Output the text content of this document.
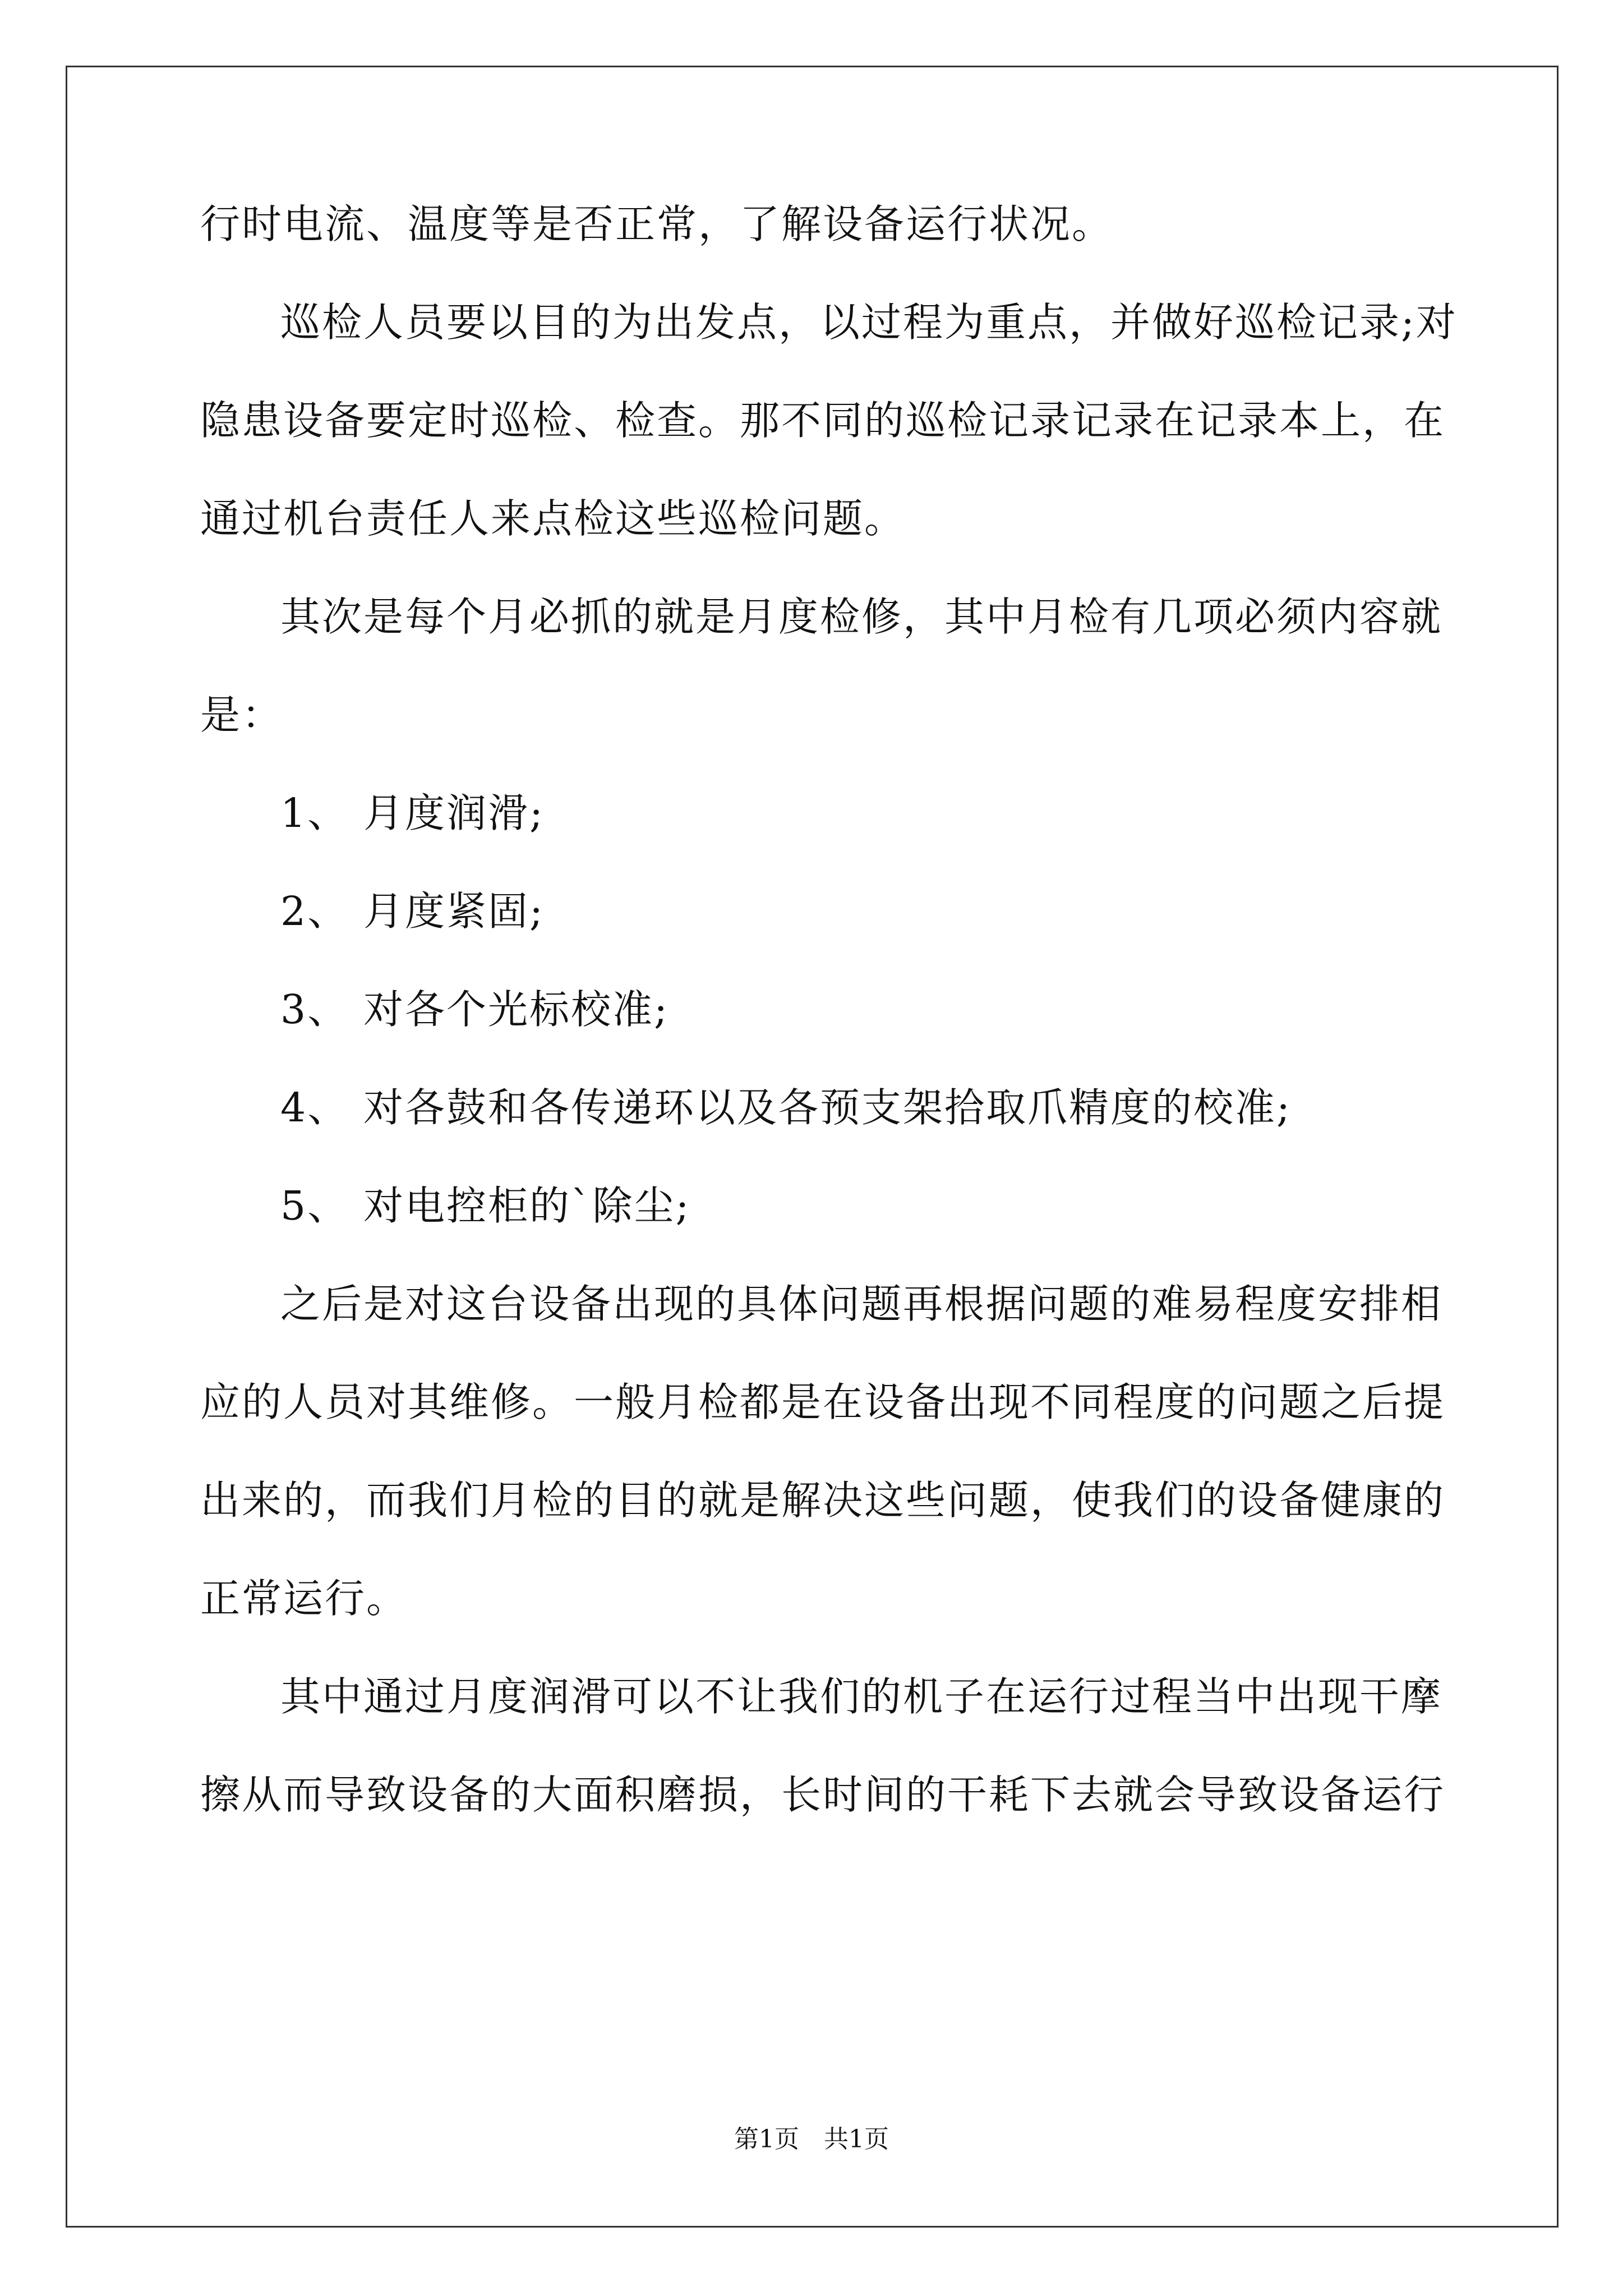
行时电流、温度等是否正常，了解设备运行状况。
巡检人员要以目的为出发点，以过程为重点，并做好巡检记录;对
隐患设备要定时巡检、检查。那不同的巡检记录记录在记录本上，在
通过机台责任人来点检这些巡检问题。
其次是每个月必抓的就是月度检修，其中月检有几项必须内容就
是：
1、 月度润滑;
2、 月度紧固;
3、 对各个光标校准;
4、 对各鼓和各传递环以及各预支架拾取爪精度的校准;
5、 对电控柜的`除尘;
之后是对这台设备出现的具体问题再根据问题的难易程度安排相
应的人员对其维修。一般月检都是在设备出现不同程度的问题之后提
出来的，而我们月检的目的就是解决这些问题，使我们的设备健康的
正常运行。
其中通过月度润滑可以不让我们的机子在运行过程当中出现干摩
擦从而导致设备的大面积磨损，长时间的干耗下去就会导致设备运行
第1页　共1页
